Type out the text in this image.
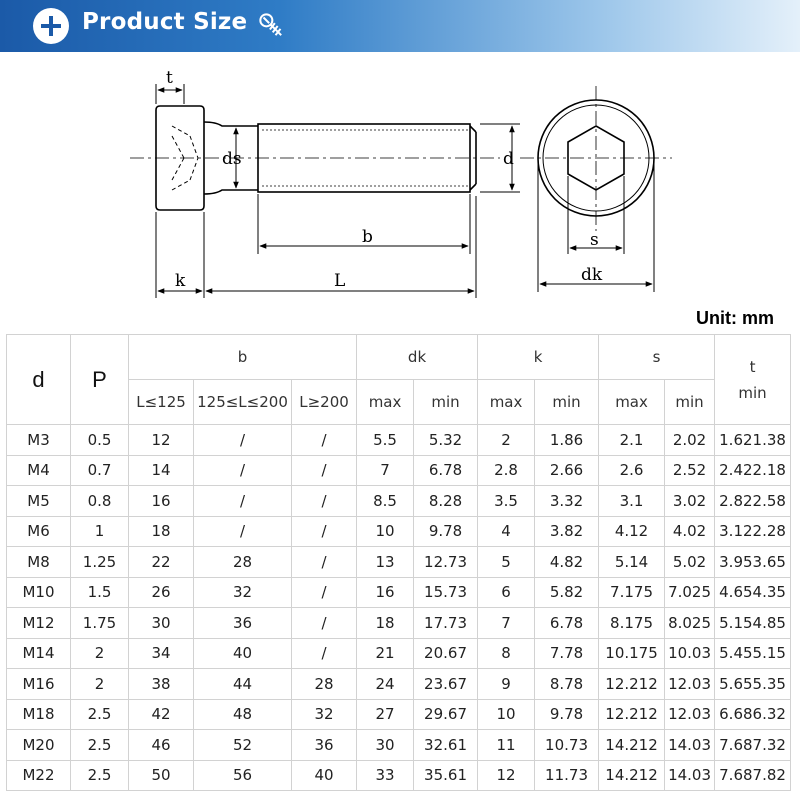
Product Size
t
ds	d
b
k	L
s
dk
Unit: mm
d	P	b			dk		k		s		t
min

		L≤125	125≤L≤200	L≥200	max	min	max	min	max	min	
M3	0.5	12	/	/	5.5	5.32	2	1.86	2.1	2.02	1.62 1.38

M4	0.7	14	/	/	7	6.78	2.8	2.66	2.6	2.52	2.42 2.18

M5	0.8	16	/	/	8.5	8.28	3.5	3.32	3.1	3.02	2.82 2.58

M6	1	18	/	/	10	9.78	4	3.82	4.12	4.02	3.12 2.28

M8	1.25	22	28	/	13	12.73	5	4.82	5.14	5.02	3.95 3.65

M10	1.5	26	32	/	16	15.73	6	5.82	7.175	7.025	4.65 4.35

M12	1.75	30	36	/	18	17.73	7	6.78	8.175	8.025	5.15 4.85

M14	2	34	40	/	21	20.67	8	7.78	10.175	10.03	5.45 5.15

M16	2	38	44	28	24	23.67	9	8.78	12.212	12.03	5.65 5.35

M18	2.5	42	48	32	27	29.67	10	9.78	12.212	12.03	6.68 6.32

M20	2.5	46	52	36	30	32.61	11	10.73	14.212	14.03	7.68 7.32

M22	2.5	50	56	40	33	35.61	12	11.73	14.212	14.03	7.68 7.82
